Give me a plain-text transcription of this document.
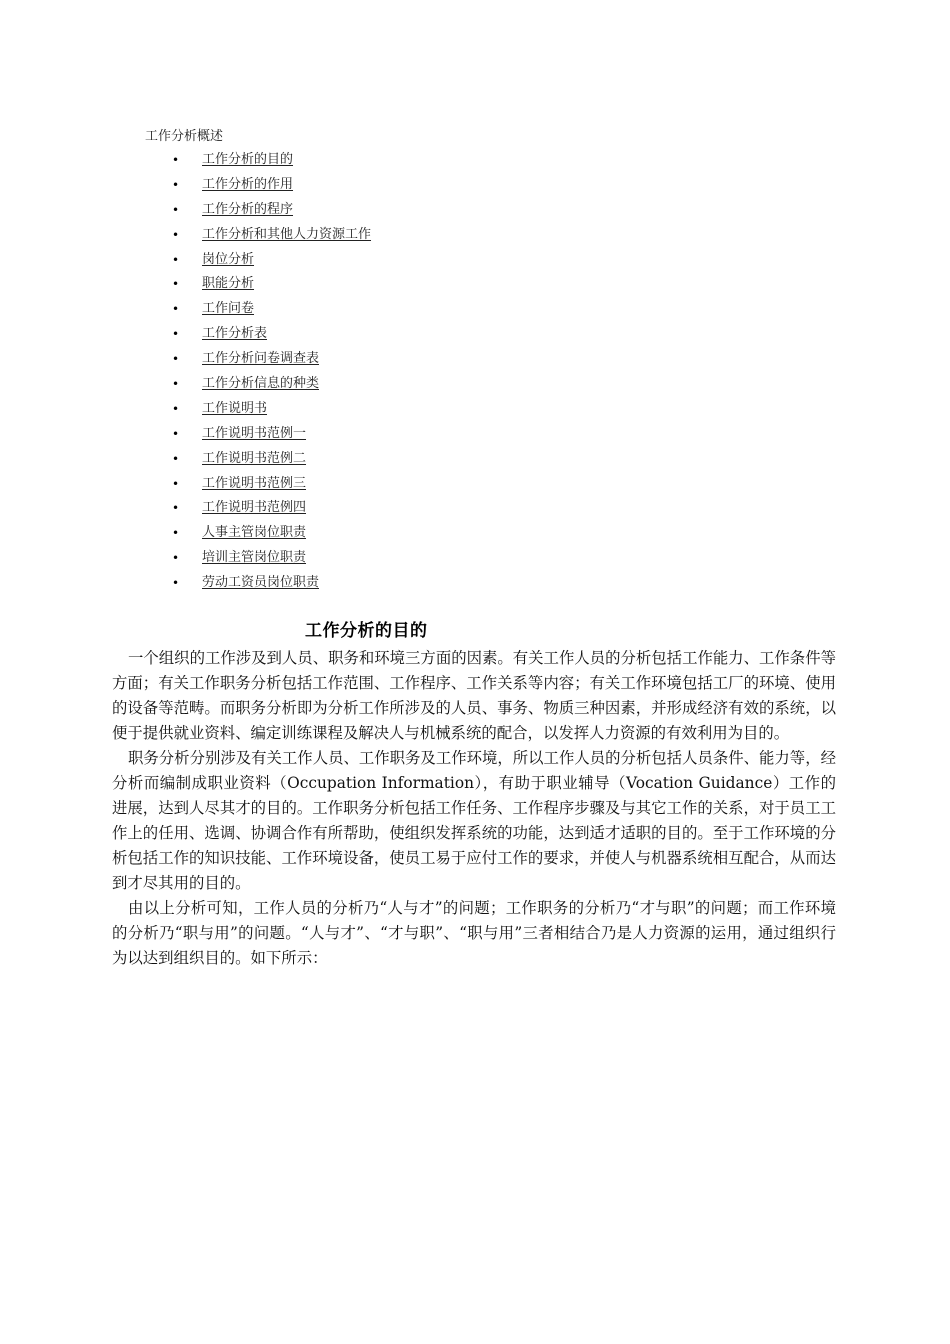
工作分析概述
•	工作分析的目的
•	工作分析的作用
•	工作分析的程序
•	工作分析和其他人力资源工作
•	岗位分析
•	职能分析
•	工作问卷
•	工作分析表
•	工作分析问卷调查表
•	工作分析信息的种类
•	工作说明书
•	工作说明书范例一
•	工作说明书范例二
•	工作说明书范例三
•	工作说明书范例四
•	人事主管岗位职责
•	培训主管岗位职责
•	劳动工资员岗位职责
工作分析的目的

一个组织的工作涉及到人员、职务和环境三方面的因素。有关工作人员的分析包括工作能力、工作条件等方面；有关工作职务分析包括工作范围、工作程序、工作关系等内容；有关工作环境包括工厂的环境、使用的设备等范畴。而职务分析即为分析工作所涉及的人员、事务、物质三种因素，并形成经济有效的系统，以便于提供就业资料、编定训练课程及解决人与机械系统的配合，以发挥人力资源的有效利用为目的。

职务分析分别涉及有关工作人员、工作职务及工作环境，所以工作人员的分析包括人员条件、能力等，经分析而编制成职业资料（Occupation Information），有助于职业辅导（Vocation Guidance）工作的进展，达到人尽其才的目的。工作职务分析包括工作任务、工作程序步骤及与其它工作的关系，对于员工工作上的任用、选调、协调合作有所帮助，使组织发挥系统的功能，达到适才适职的目的。至于工作环境的分析包括工作的知识技能、工作环境设备，使员工易于应付工作的要求，并使人与机器系统相互配合，从而达到才尽其用的目的。

由以上分析可知，工作人员的分析乃“人与才”的问题；工作职务的分析乃“才与职”的问题；而工作环境的分析乃“职与用”的问题。“人与才”、“才与职”、“职与用”三者相结合乃是人力资源的运用，通过组织行为以达到组织目的。如下所示：
